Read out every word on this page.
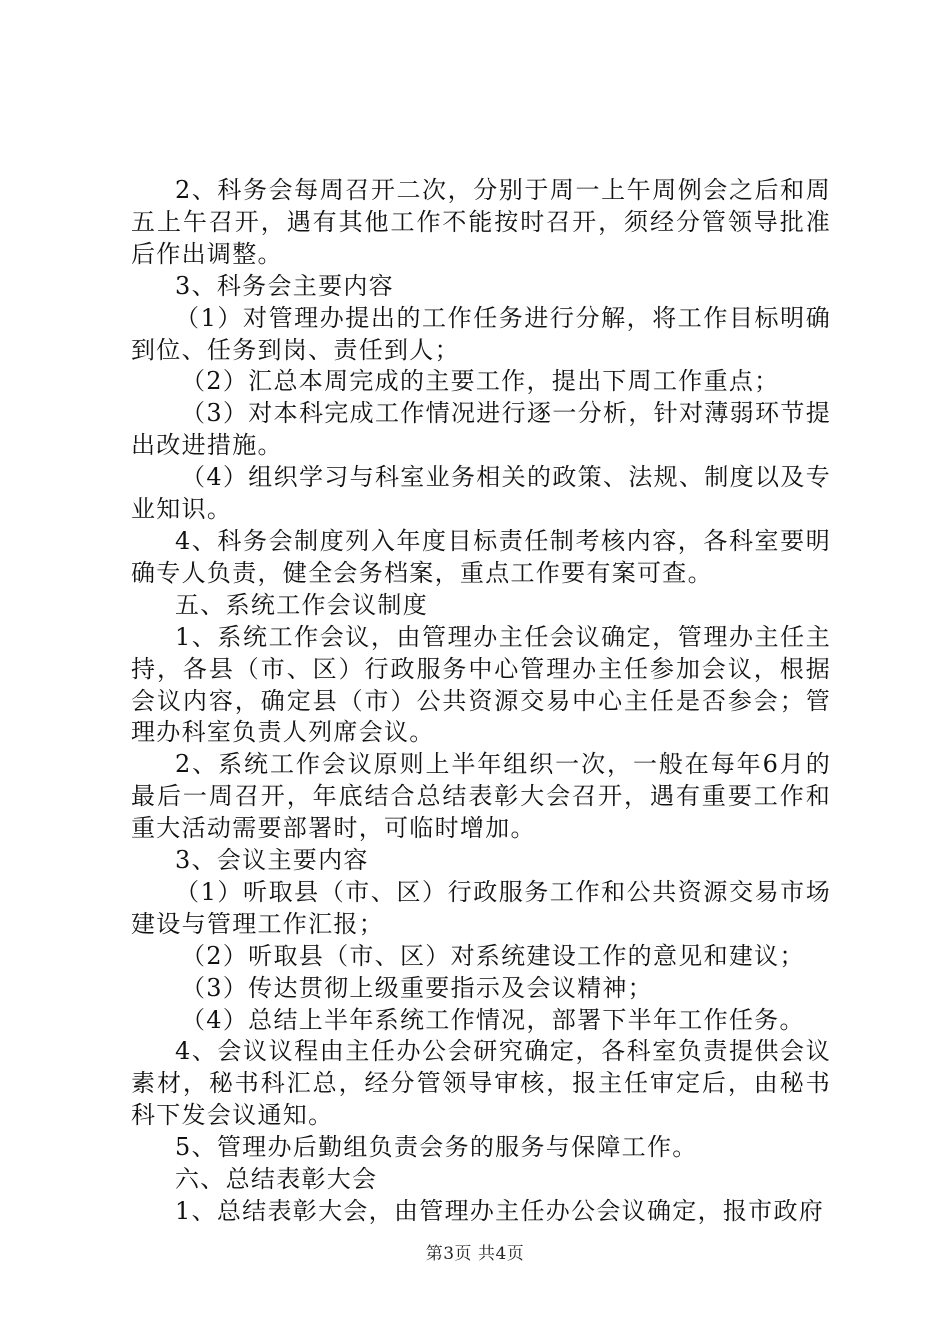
2、科务会每周召开二次，分别于周一上午周例会之后和周五上午召开，遇有其他工作不能按时召开，须经分管领导批准后作出调整。

3、科务会主要内容

（1）对管理办提出的工作任务进行分解，将工作目标明确到位、任务到岗、责任到人；

（2）汇总本周完成的主要工作，提出下周工作重点；

（3）对本科完成工作情况进行逐一分析，针对薄弱环节提出改进措施。

（4）组织学习与科室业务相关的政策、法规、制度以及专业知识。

4、科务会制度列入年度目标责任制考核内容，各科室要明确专人负责，健全会务档案，重点工作要有案可查。

五、系统工作会议制度

1、系统工作会议，由管理办主任会议确定，管理办主任主持，各县（市、区）行政服务中心管理办主任参加会议，根据会议内容，确定县（市）公共资源交易中心主任是否参会；管理办科室负责人列席会议。

2、系统工作会议原则上半年组织一次，一般在每年6月的最后一周召开，年底结合总结表彰大会召开，遇有重要工作和重大活动需要部署时，可临时增加。

3、会议主要内容

（1）听取县（市、区）行政服务工作和公共资源交易市场建设与管理工作汇报；

（2）听取县（市、区）对系统建设工作的意见和建议；

（3）传达贯彻上级重要指示及会议精神；

（4）总结上半年系统工作情况，部署下半年工作任务。

4、会议议程由主任办公会研究确定，各科室负责提供会议素材，秘书科汇总，经分管领导审核，报主任审定后，由秘书科下发会议通知。

5、管理办后勤组负责会务的服务与保障工作。

六、总结表彰大会

1、总结表彰大会，由管理办主任办公会议确定，报市政府

第3页 共4页
